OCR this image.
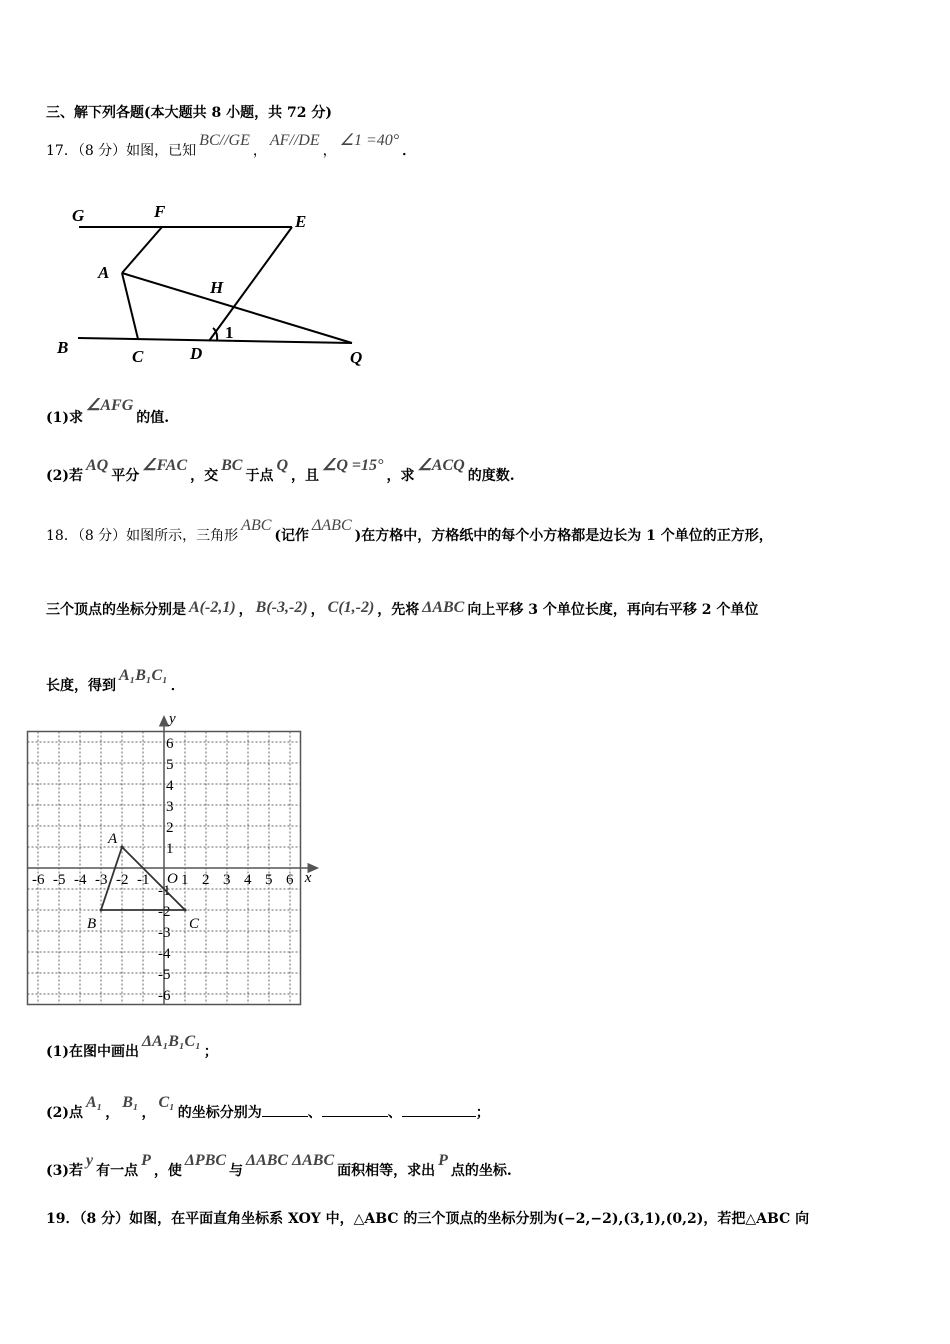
三、解下列各题(本大题共 8 小题，共 72 分)
17．（8 分）如图，已知BC//GE，AF//DE，∠1 =40°．
G	F
E
A
H
B	C	D	Q
1
(1)求∠AFG的值.
(2)若AQ平分∠FAC，交BC于点Q，且∠Q =15°，求∠ACQ的度数.
18．（8 分）如图所示，三角形ABC(记作ΔABC)在方格中，方格纸中的每个小方格都是边长为 1 个单位的正方形，
三个顶点的坐标分别是 A(-2,1) ， B(-3,-2) ， C(1,-2) ，先将 ΔABC 向上平移 3 个单位长度，再向右平移 2 个单位
长度，得到A₁B₁C₁．
-6 -5 -4 -3 -2 -1 1 2 3 4 5 6
6
5
4
3
2
1
-1
-2
-3
-4
-5
-6
x
y
O
A
B	C
(1)在图中画出ΔA₁B₁C₁；
(2)点A₁，B₁，C₁的坐标分别为	、	、	；
(3)若y有一点P，使ΔPBC与ΔABC ΔABC面积相等，求出P点的坐标.
19．（8 分）如图，在平面直角坐标系 XOY 中，△ABC 的三个顶点的坐标分别为(−2,−2),(3,1),(0,2)，若把△ABC 向
